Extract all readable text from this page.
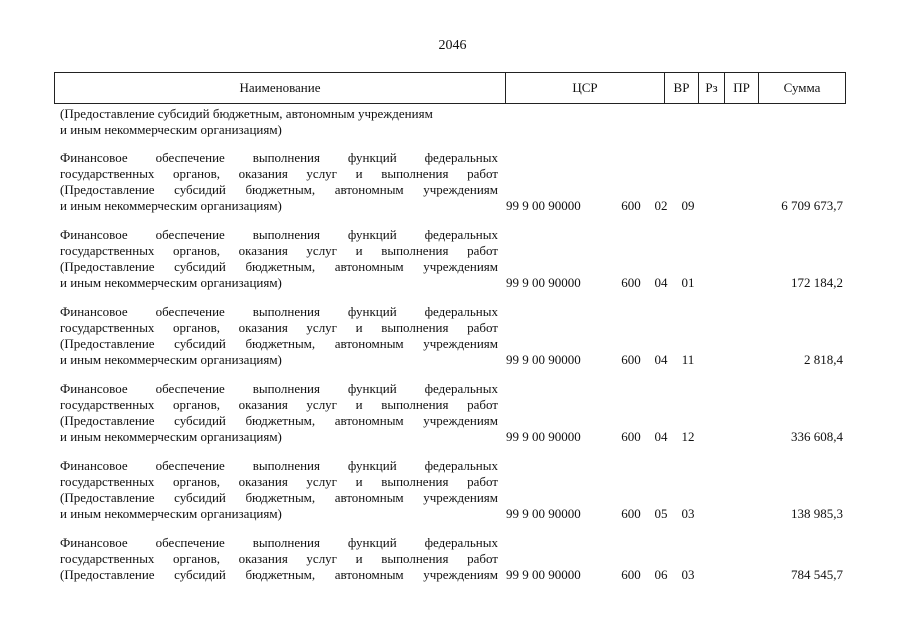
2046
Наименование	ЦСР	ВР	Рз	ПР	Сумма
(Предоставление субсидий бюджетным, автономным учреждениям
и иным некоммерческим организациям)
Финансовое обеспечение выполнения функций федеральных
государственных органов, оказания услуг и выполнения работ
(Предоставление субсидий бюджетным, автономным учреждениям
и иным некоммерческим организациям)	99 9 00 90000	600	02	09	6 709 673,7
Финансовое обеспечение выполнения функций федеральных
государственных органов, оказания услуг и выполнения работ
(Предоставление субсидий бюджетным, автономным учреждениям
и иным некоммерческим организациям)	99 9 00 90000	600	04	01	172 184,2
Финансовое обеспечение выполнения функций федеральных
государственных органов, оказания услуг и выполнения работ
(Предоставление субсидий бюджетным, автономным учреждениям
и иным некоммерческим организациям)	99 9 00 90000	600	04	11	2 818,4
Финансовое обеспечение выполнения функций федеральных
государственных органов, оказания услуг и выполнения работ
(Предоставление субсидий бюджетным, автономным учреждениям
и иным некоммерческим организациям)	99 9 00 90000	600	04	12	336 608,4
Финансовое обеспечение выполнения функций федеральных
государственных органов, оказания услуг и выполнения работ
(Предоставление субсидий бюджетным, автономным учреждениям
и иным некоммерческим организациям)	99 9 00 90000	600	05	03	138 985,3
Финансовое обеспечение выполнения функций федеральных
государственных органов, оказания услуг и выполнения работ
(Предоставление субсидий бюджетным, автономным учреждениям 99 9 00 90000	600	06	03	784 545,7
